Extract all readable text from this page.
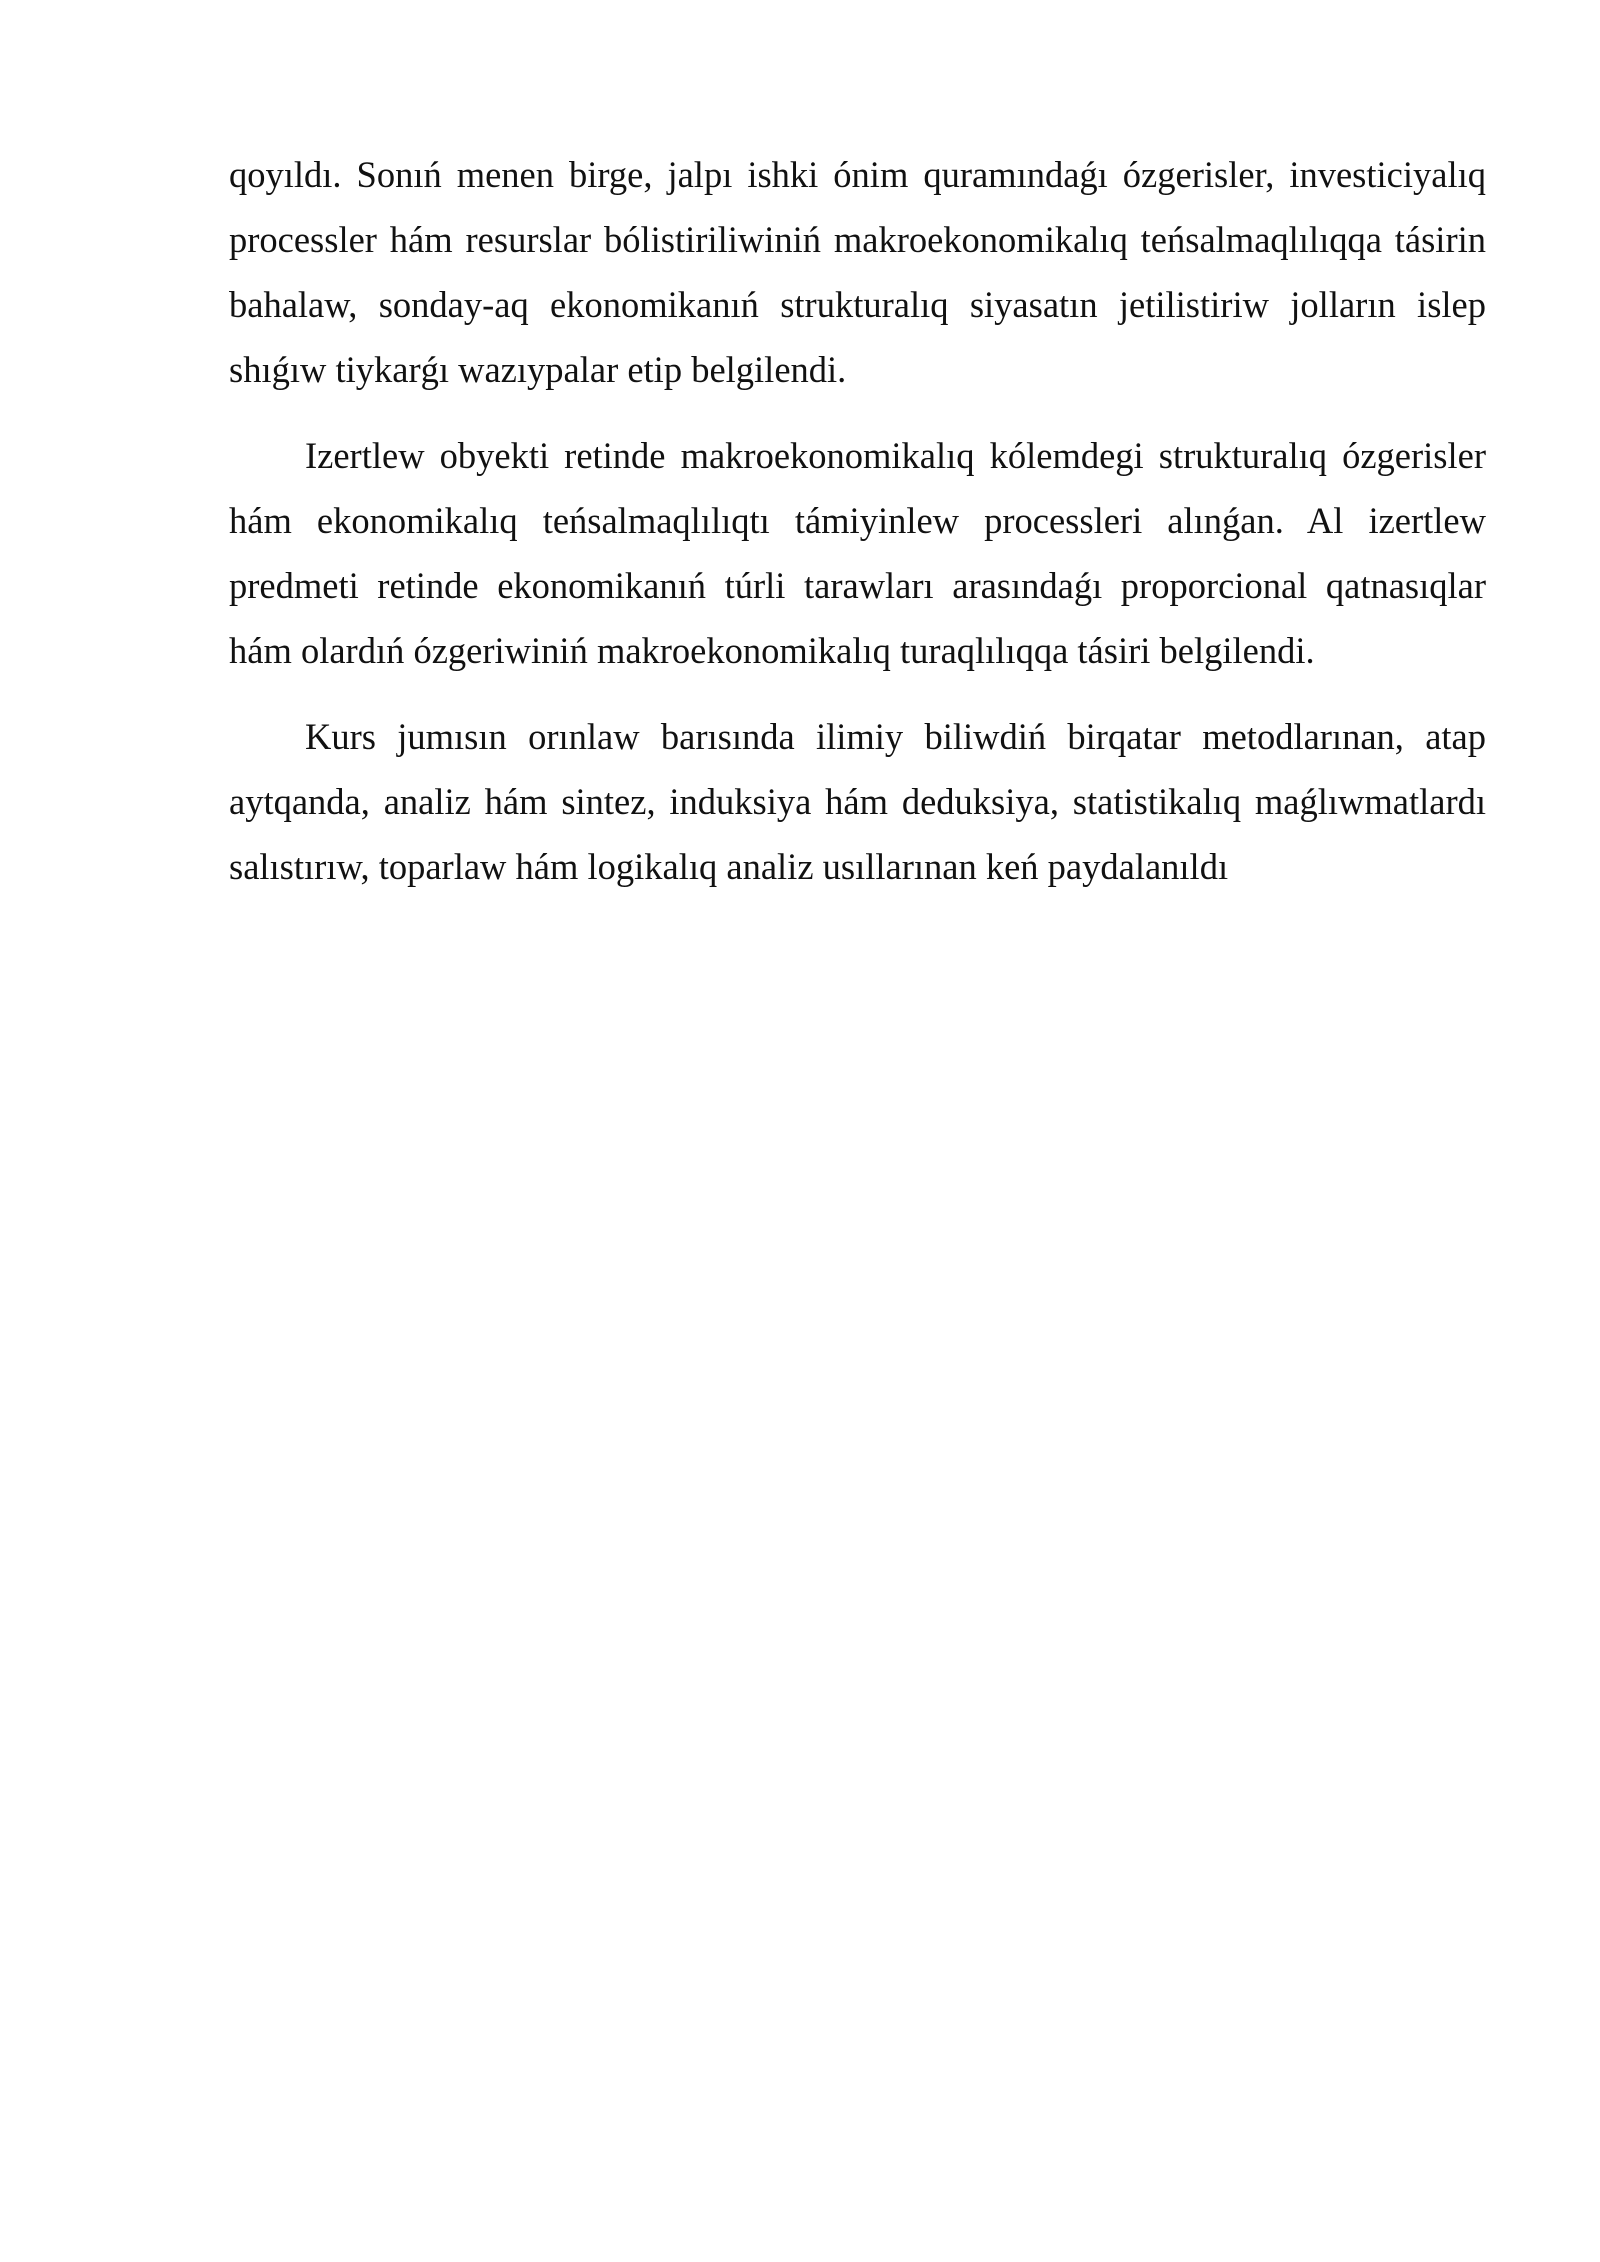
qoyıldı. Sonıń menen birge, jalpı ishki ónim quramındaǵı ózgerisler, investiciyalıq processler hám resurslar bólistiriliwiniń makroekonomikalıq teńsalmaqlılıqqa tásirin bahalaw, sonday-aq ekonomikanıń strukturalıq siyasatın jetilistiriw jolların islep shıǵıw tiykarǵı wazıypalar etip belgilendi.

Izertlew obyekti retinde makroekonomikalıq kólemdegi strukturalıq ózgerisler hám ekonomikalıq teńsalmaqlılıqtı támiyinlew processleri alınǵan. Al izertlew predmeti retinde ekonomikanıń túrli tarawları arasındaǵı proporcional qatnasıqlar hám olardıń ózgeriwiniń makroekonomikalıq turaqlılıqqa tásiri belgilendi.

Kurs jumısın orınlaw barısında ilimiy biliwdiń birqatar metodlarınan, atap aytqanda, analiz hám sintez, induksiya hám deduksiya, statistikalıq maǵlıwmatlardı salıstırıw, toparlaw hám logikalıq analiz usıllarınan keń paydalanıldı
